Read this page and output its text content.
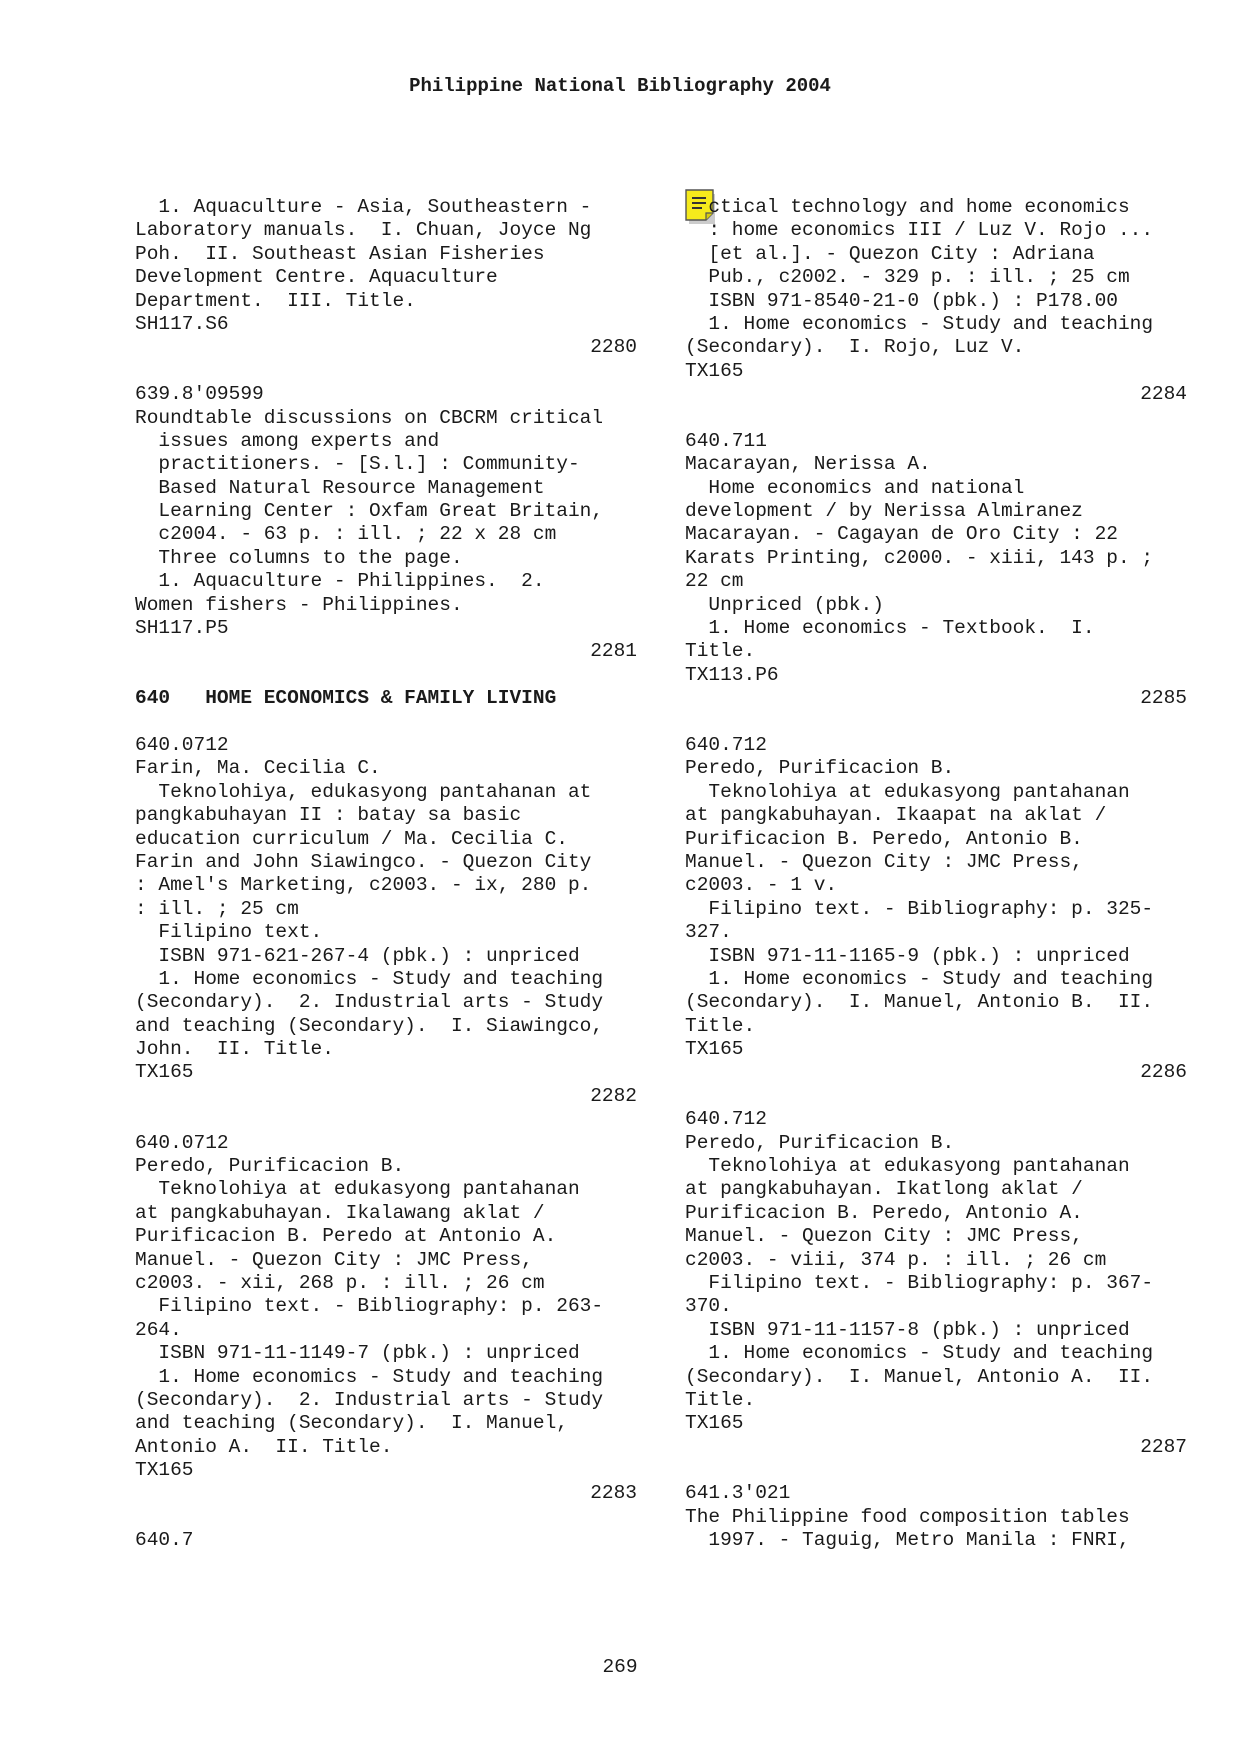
Philippine National Bibliography 2004
1. Aquaculture - Asia, Southeastern -
Laboratory manuals.  I. Chuan, Joyce Ng
Poh.  II. Southeast Asian Fisheries
Development Centre. Aquaculture
Department.  III. Title.
SH117.S6
2280
639.8'09599
Roundtable discussions on CBCRM critical
issues among experts and
practitioners. - [S.l.] : Community-
Based Natural Resource Management
Learning Center : Oxfam Great Britain,
c2004. - 63 p. : ill. ; 22 x 28 cm
Three columns to the page.
1. Aquaculture - Philippines.  2.
Women fishers - Philippines.
SH117.P5
2281
640   HOME ECONOMICS & FAMILY LIVING
640.0712
Farin, Ma. Cecilia C.
Teknolohiya, edukasyong pantahanan at
pangkabuhayan II : batay sa basic
education curriculum / Ma. Cecilia C.
Farin and John Siawingco. - Quezon City
: Amel's Marketing, c2003. - ix, 280 p.
: ill. ; 25 cm
Filipino text.
ISBN 971-621-267-4 (pbk.) : unpriced
1. Home economics - Study and teaching
(Secondary).  2. Industrial arts - Study
and teaching (Secondary).  I. Siawingco,
John.  II. Title.
TX165
2282
640.0712
Peredo, Purificacion B.
Teknolohiya at edukasyong pantahanan
at pangkabuhayan. Ikalawang aklat /
Purificacion B. Peredo at Antonio A.
Manuel. - Quezon City : JMC Press,
c2003. - xii, 268 p. : ill. ; 26 cm
Filipino text. - Bibliography: p. 263-
264.
ISBN 971-11-1149-7 (pbk.) : unpriced
1. Home economics - Study and teaching
(Secondary).  2. Industrial arts - Study
and teaching (Secondary).  I. Manuel,
Antonio A.  II. Title.
TX165
2283
640.7
ctical technology and home economics
: home economics III / Luz V. Rojo ...
[et al.]. - Quezon City : Adriana
Pub., c2002. - 329 p. : ill. ; 25 cm
ISBN 971-8540-21-0 (pbk.) : P178.00
1. Home economics - Study and teaching
(Secondary).  I. Rojo, Luz V.
TX165
2284
640.711
Macarayan, Nerissa A.
Home economics and national
development / by Nerissa Almiranez
Macarayan. - Cagayan de Oro City : 22
Karats Printing, c2000. - xiii, 143 p. ;
22 cm
Unpriced (pbk.)
1. Home economics - Textbook.  I.
Title.
TX113.P6
2285
640.712
Peredo, Purificacion B.
Teknolohiya at edukasyong pantahanan
at pangkabuhayan. Ikaapat na aklat /
Purificacion B. Peredo, Antonio B.
Manuel. - Quezon City : JMC Press,
c2003. - 1 v.
Filipino text. - Bibliography: p. 325-
327.
ISBN 971-11-1165-9 (pbk.) : unpriced
1. Home economics - Study and teaching
(Secondary).  I. Manuel, Antonio B.  II.
Title.
TX165
2286
640.712
Peredo, Purificacion B.
Teknolohiya at edukasyong pantahanan
at pangkabuhayan. Ikatlong aklat /
Purificacion B. Peredo, Antonio A.
Manuel. - Quezon City : JMC Press,
c2003. - viii, 374 p. : ill. ; 26 cm
Filipino text. - Bibliography: p. 367-
370.
ISBN 971-11-1157-8 (pbk.) : unpriced
1. Home economics - Study and teaching
(Secondary).  I. Manuel, Antonio A.  II.
Title.
TX165
2287
641.3'021
The Philippine food composition tables
1997. - Taguig, Metro Manila : FNRI,
269
